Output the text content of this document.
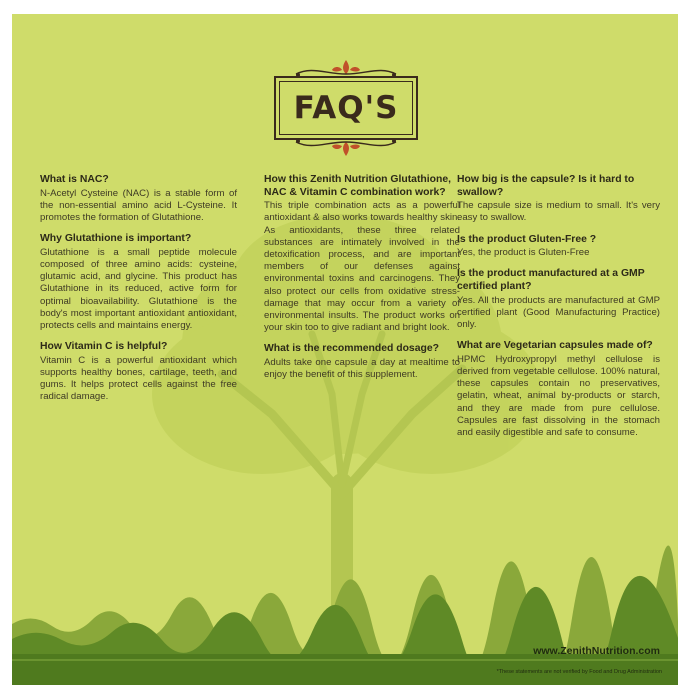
FAQ'S
What is NAC?
N-Acetyl Cysteine (NAC) is a stable form of the non-essential amino acid L-Cysteine. It promotes the formation of Glutathione.
Why Glutathione is important?
Glutathione is a small peptide molecule composed of three amino acids: cysteine, glutamic acid, and glycine. This product has Glutathione in its reduced, active form for optimal bioavailability. Glutathione is the body's most important antioxidant antioxidant, protects cells and maintains energy.
How Vitamin C is helpful?
Vitamin C is a powerful antioxidant which supports healthy bones, cartilage, teeth, and gums. It helps protect cells against the free radical damage.
How this Zenith Nutrition Glutathione, NAC & Vitamin C combination work?
This triple combination acts as a powerful antioxidant & also works towards healthy skin. As antioxidants, these three related substances are intimately involved in the detoxification process, and are important members of our defenses against environmental toxins and carcinogens. They also protect our cells from oxidative stress-damage that may occur from a variety of environmental insults. The product works on your skin too to give radiant and bright look.
What is the recommended dosage?
Adults take one capsule a day at mealtime to enjoy the benefit of this supplement.
How big is the capsule? Is it hard to swallow?
The capsule size is medium to small. It's very easy to swallow.
Is the product Gluten-Free ?
Yes, the product is Gluten-Free
Is the product manufactured at a GMP certified plant?
Yes. All the products are manufactured at GMP certified plant (Good Manufacturing Practice) only.
What are Vegetarian capsules made of?
HPMC Hydroxypropyl methyl cellulose is derived from vegetable cellulose. 100% natural, these capsules contain no preservatives, gelatin, wheat, animal by-products or starch, and they are made from pure cellulose. Capsules are fast dissolving in the stomach and easily digestible and safe to consume.
www.ZenithNutrition.com
*These statements are not verified by Food and Drug Administration
